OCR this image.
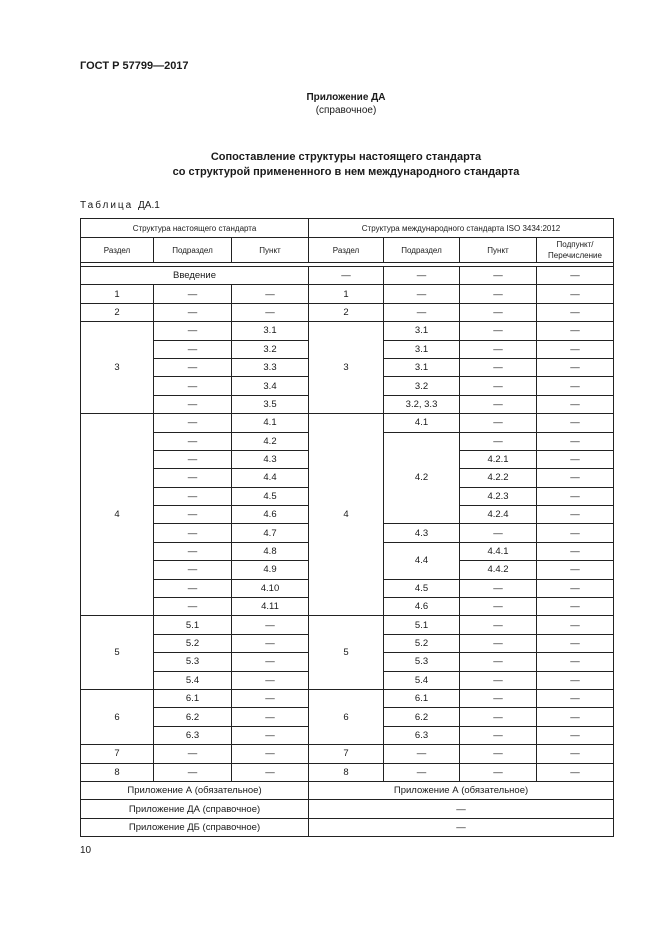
ГОСТ Р 57799—2017
Приложение ДА
(справочное)
Сопоставление структуры настоящего стандарта
со структурой примененного в нем международного стандарта
Таблица ДА.1
Структура настоящего стандарта			Структура международного стандарта ISO 3434:2012			
Раздел	Подраздел	Пункт	Раздел	Подраздел	Пункт	Подпункт/ Перечисление

Введение			—	—	—	—
1	—	—	1	—	—	—
2	—	—	2	—	—	—
3	—	3.1	3	3.1	—	—
	—	3.2		3.1	—	—
	—	3.3		3.1	—	—
	—	3.4		3.2	—	—
	—	3.5		3.2, 3.3	—	—
4	—	4.1	4	4.1	—	—
	—	4.2		4.2	—	—
	—	4.3			4.2.1	—
	—	4.4			4.2.2	—
	—	4.5			4.2.3	—
	—	4.6			4.2.4	—
	—	4.7		4.3	—	—
	—	4.8		4.4	4.4.1	—
	—	4.9			4.4.2	—
	—	4.10		4.5	—	—
	—	4.11		4.6	—	—
5	5.1	—	5	5.1	—	—
	5.2	—		5.2	—	—
	5.3	—		5.3	—	—
	5.4	—		5.4	—	—
6	6.1	—	6	6.1	—	—
	6.2	—		6.2	—	—
	6.3	—		6.3	—	—
7	—	—	7	—	—	—
8	—	—	8	—	—	—
Приложение А (обязательное)			Приложение А (обязательное)			
Приложение ДА (справочное)			—			
Приложение ДБ (справочное)			—			
10
